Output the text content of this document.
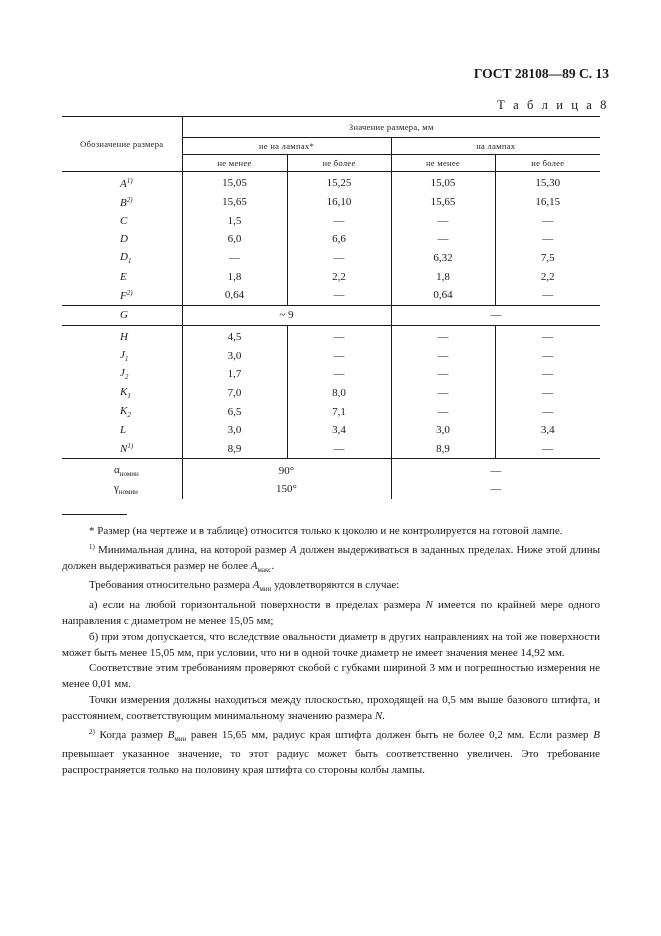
ГОСТ 28108—89 С. 13
Т а б л и ц а 8
Обозначение размера	Значение размера, мм			
	не на лампах*		на лампах	
	не менее	не более	не менее	не более
$A^{1)}$	15,05	15,25	15,05	15,30
$B^{2)}$	15,65	16,10	15,65	16,15
C	1,5	—	—	—
D	6,0	6,6	—	—
$D_1$	—	—	6,32	7,5
E	1,8	2,2	1,8	2,2
$F^{2)}$	0,64	—	0,64	—
G	~ 9		—	
H	4,5	—	—	—
$J_1$	3,0	—	—	—
$J_2$	1,7	—	—	—
$K_1$	7,0	8,0	—	—
$K_2$	6,5	7,1	—	—
L	3,0	3,4	3,0	3,4
$N^{1)}$	8,9	—	8,9	—
$\alpha_{номин}$	90°		—	
$\gamma_{номин}$	150°		—	

* Размер (на чертеже и в таблице) относится только к цоколю и не контролируется на готовой лампе.

$^{1)}$ Минимальная длина, на которой размер A должен выдерживаться в заданных пределах. Ниже этой длины должен выдерживаться размер не более $A_{макс}$.

Требования относительно размера $A_{мин}$ удовлетворяются в случае:

а) если на любой горизонтальной поверхности в пределах размера N имеется по крайней мере одного направления с диаметром не менее 15,05 мм;

б) при этом допускается, что вследствие овальности диаметр в других направлениях на той же поверхности может быть менее 15,05 мм, при условии, что ни в одной точке диаметр не имеет значения менее 14,92 мм.

Соответствие этим требованиям проверяют скобой с губками шириной 3 мм и погрешностью измерения не менее 0,01 мм.

Точки измерения должны находиться между плоскостью, проходящей на 0,5 мм выше базового штифта, и расстоянием, соответствующим минимальному значению размера N.

$^{2)}$ Когда размер $B_{мин}$ равен 15,65 мм, радиус края штифта должен быть не более 0,2 мм. Если размер B превышает указанное значение, то этот радиус может быть соответственно увеличен. Это требование распространяется только на половину края штифта со стороны колбы лампы.
